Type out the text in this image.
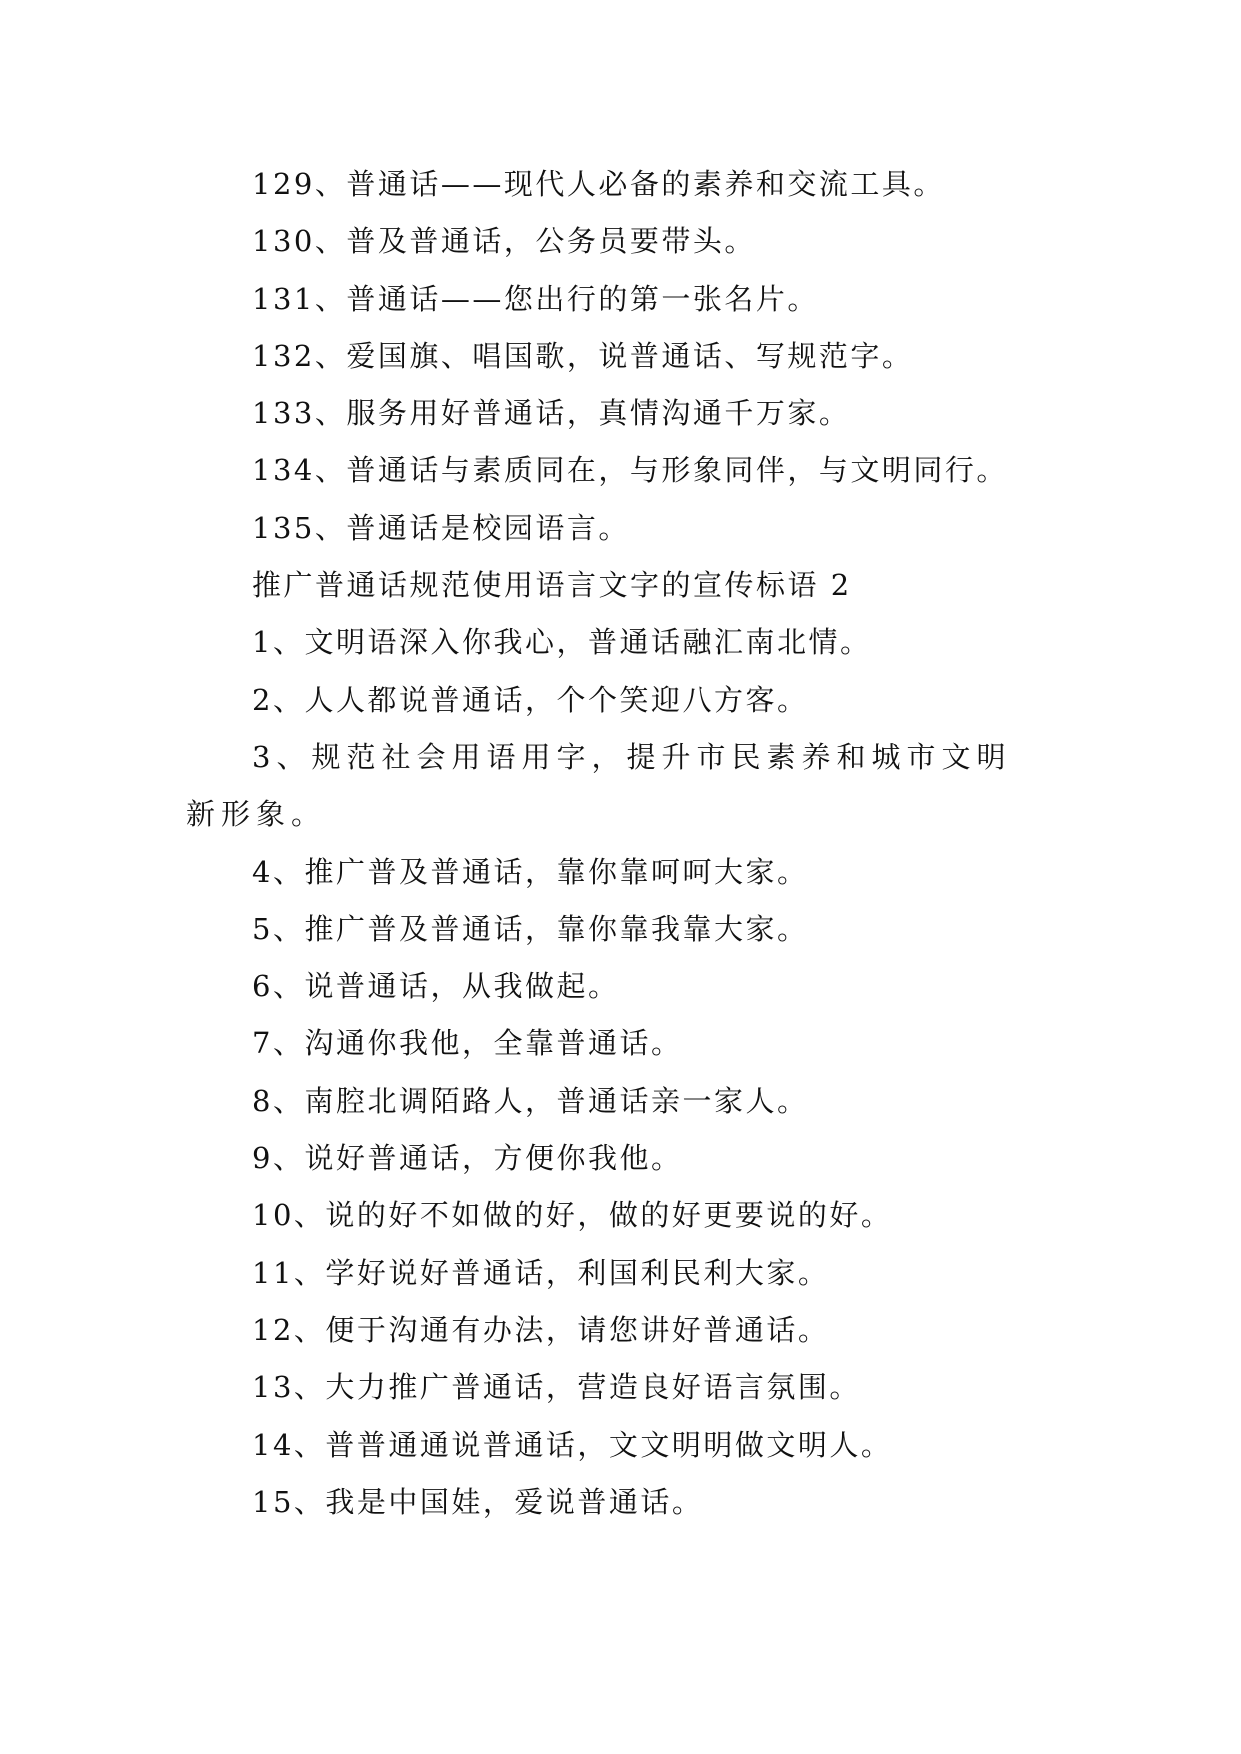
129、普通话——现代人必备的素养和交流工具。
130、普及普通话，公务员要带头。
131、普通话——您出行的第一张名片。
132、爱国旗、唱国歌，说普通话、写规范字。
133、服务用好普通话，真情沟通千万家。
134、普通话与素质同在，与形象同伴，与文明同行。
135、普通话是校园语言。
推广普通话规范使用语言文字的宣传标语 2
1、文明语深入你我心，普通话融汇南北情。
2、人人都说普通话，个个笑迎八方客。
3、规范社会用语用字，提升市民素养和城市文明新形象。
4、推广普及普通话，靠你靠呵呵大家。
5、推广普及普通话，靠你靠我靠大家。
6、说普通话，从我做起。
7、沟通你我他，全靠普通话。
8、南腔北调陌路人，普通话亲一家人。
9、说好普通话，方便你我他。
10、说的好不如做的好，做的好更要说的好。
11、学好说好普通话，利国利民利大家。
12、便于沟通有办法，请您讲好普通话。
13、大力推广普通话，营造良好语言氛围。
14、普普通通说普通话，文文明明做文明人。
15、我是中国娃，爱说普通话。
